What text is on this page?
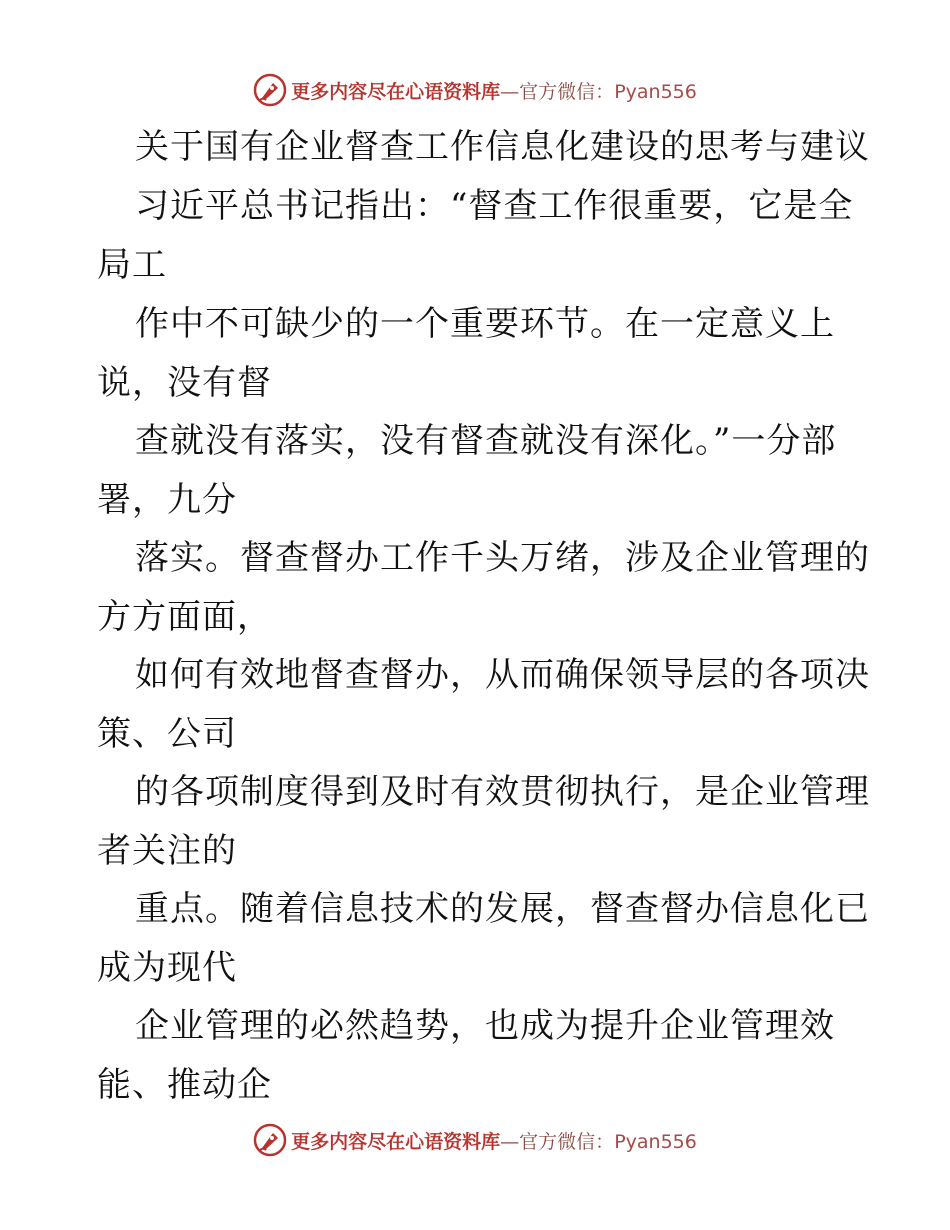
更多内容尽在心语资料库—官方微信：Pyan556
关于国有企业督查工作信息化建设的思考与建议
习近平总书记指出：“督查工作很重要，它是全
局工
作中不可缺少的一个重要环节。在一定意义上
说，没有督
查就没有落实，没有督查就没有深化。”一分部
署，九分
落实。督查督办工作千头万绪，涉及企业管理的
方方面面，
如何有效地督查督办，从而确保领导层的各项决
策、公司
的各项制度得到及时有效贯彻执行，是企业管理
者关注的
重点。随着信息技术的发展，督查督办信息化已
成为现代
企业管理的必然趋势，也成为提升企业管理效
能、推动企
更多内容尽在心语资料库—官方微信：Pyan556
